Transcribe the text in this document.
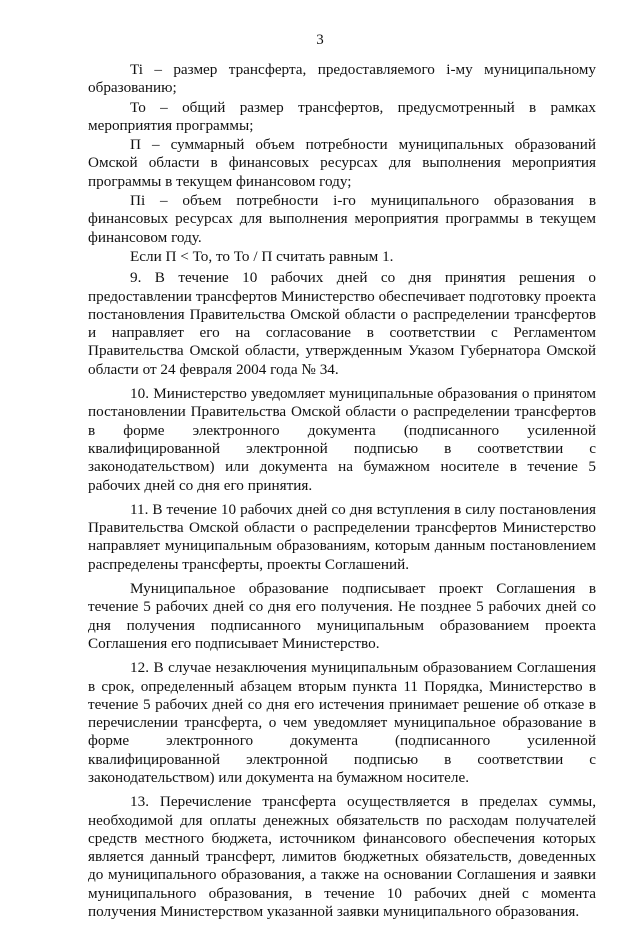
3

Ti – размер трансферта, предоставляемого i-му муниципальному образованию;

To – общий размер трансфертов, предусмотренный в рамках мероприятия программы;

П – суммарный объем потребности муниципальных образований Омской области в финансовых ресурсах для выполнения мероприятия программы в текущем финансовом году;

Пi – объем потребности i-го муниципального образования в финансовых ресурсах для выполнения мероприятия программы в текущем финансовом году.

Если П < То, то То / П считать равным 1.

9. В течение 10 рабочих дней со дня принятия решения о предоставлении трансфертов Министерство обеспечивает подготовку проекта постановления Правительства Омской области о распределении трансфертов и направляет его на согласование в соответствии с Регламентом Правительства Омской области, утвержденным Указом Губернатора Омской области от 24 февраля 2004 года № 34.

10. Министерство уведомляет муниципальные образования о принятом постановлении Правительства Омской области о распределении трансфертов в форме электронного документа (подписанного усиленной квалифицированной электронной подписью в соответствии с законодательством) или документа на бумажном носителе в течение 5 рабочих дней со дня его принятия.

11. В течение 10 рабочих дней со дня вступления в силу постановления Правительства Омской области о распределении трансфертов Министерство направляет муниципальным образованиям, которым данным постановлением распределены трансферты, проекты Соглашений.

Муниципальное образование подписывает проект Соглашения в течение 5 рабочих дней со дня его получения. Не позднее 5 рабочих дней со дня получения подписанного муниципальным образованием проекта Соглашения его подписывает Министерство.

12. В случае незаключения муниципальным образованием Соглашения в срок, определенный абзацем вторым пункта 11 Порядка, Министерство в течение 5 рабочих дней со дня его истечения принимает решение об отказе в перечислении трансферта, о чем уведомляет муниципальное образование в форме электронного документа (подписанного усиленной квалифицированной электронной подписью в соответствии с законодательством) или документа на бумажном носителе.

13. Перечисление трансферта осуществляется в пределах суммы, необходимой для оплаты денежных обязательств по расходам получателей средств местного бюджета, источником финансового обеспечения которых является данный трансферт, лимитов бюджетных обязательств, доведенных до муниципального образования, а также на основании Соглашения и заявки муниципального образования, в течение 10 рабочих дней с момента получения Министерством указанной заявки муниципального образования.
